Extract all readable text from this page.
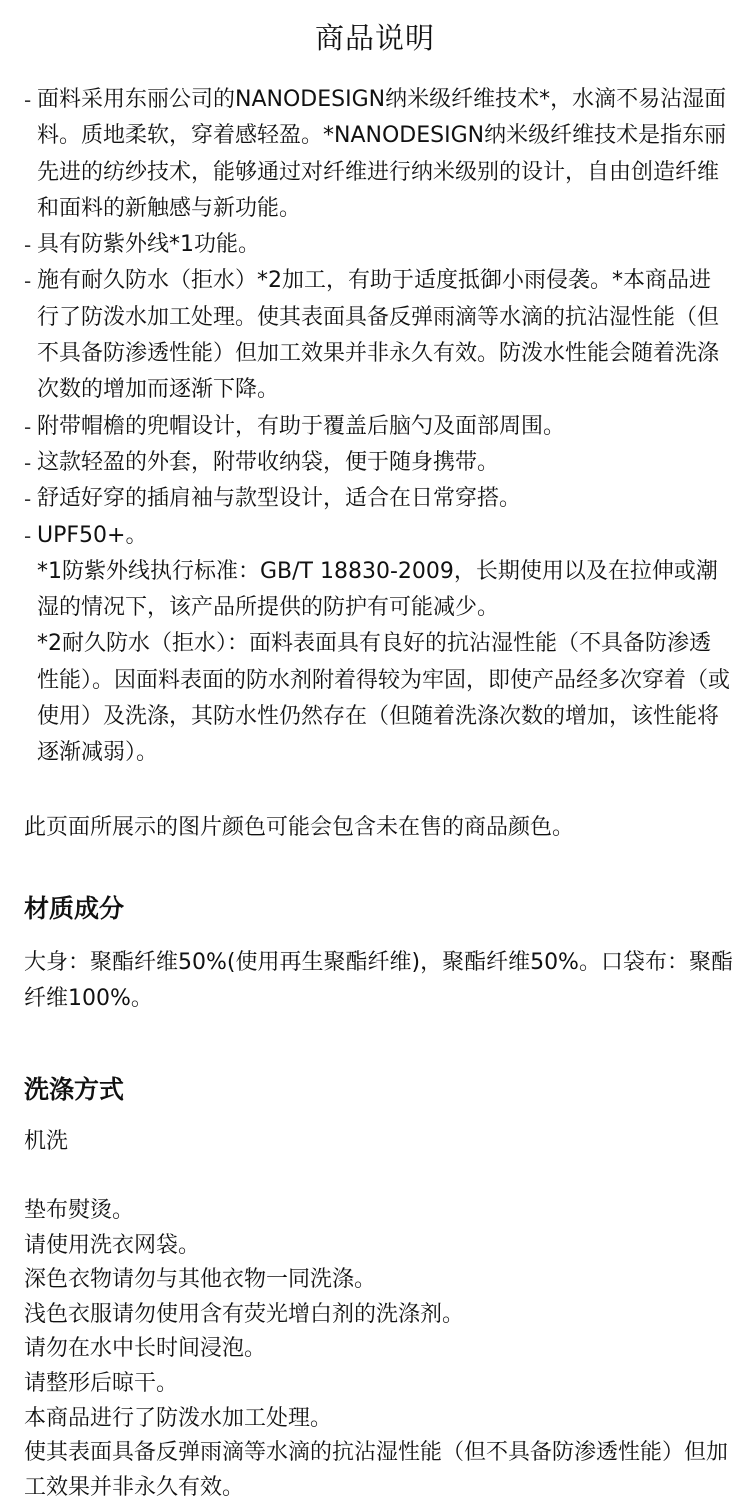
商品说明
- 面料采用东丽公司的NANODESIGN纳米级纤维技术*，水滴不易沾湿面料。质地柔软，穿着感轻盈。*NANODESIGN纳米级纤维技术是指东丽先进的纺纱技术，能够通过对纤维进行纳米级别的设计，自由创造纤维和面料的新触感与新功能。
- 具有防紫外线*1功能。
- 施有耐久防水（拒水）*2加工，有助于适度抵御小雨侵袭。*本商品进行了防泼水加工处理。使其表面具备反弹雨滴等水滴的抗沾湿性能（但不具备防渗透性能）但加工效果并非永久有效。防泼水性能会随着洗涤次数的增加而逐渐下降。
- 附带帽檐的兜帽设计，有助于覆盖后脑勺及面部周围。
- 这款轻盈的外套，附带收纳袋，便于随身携带。
- 舒适好穿的插肩袖与款型设计，适合在日常穿搭。
- UPF50+。
*1防紫外线执行标准：GB/T 18830-2009，长期使用以及在拉伸或潮湿的情况下，该产品所提供的防护有可能减少。
*2耐久防水（拒水）：面料表面具有良好的抗沾湿性能（不具备防渗透性能）。因面料表面的防水剂附着得较为牢固，即使产品经多次穿着（或使用）及洗涤，其防水性仍然存在（但随着洗涤次数的增加，该性能将逐渐减弱）。
此页面所展示的图片颜色可能会包含未在售的商品颜色。
材质成分
大身：聚酯纤维50%(使用再生聚酯纤维)，聚酯纤维50%。口袋布：聚酯纤维100%。
洗涤方式
机洗
垫布熨烫。
请使用洗衣网袋。
深色衣物请勿与其他衣物一同洗涤。
浅色衣服请勿使用含有荧光增白剂的洗涤剂。
请勿在水中长时间浸泡。
请整形后晾干。
本商品进行了防泼水加工处理。
使其表面具备反弹雨滴等水滴的抗沾湿性能（但不具备防渗透性能）但加工效果并非永久有效。
